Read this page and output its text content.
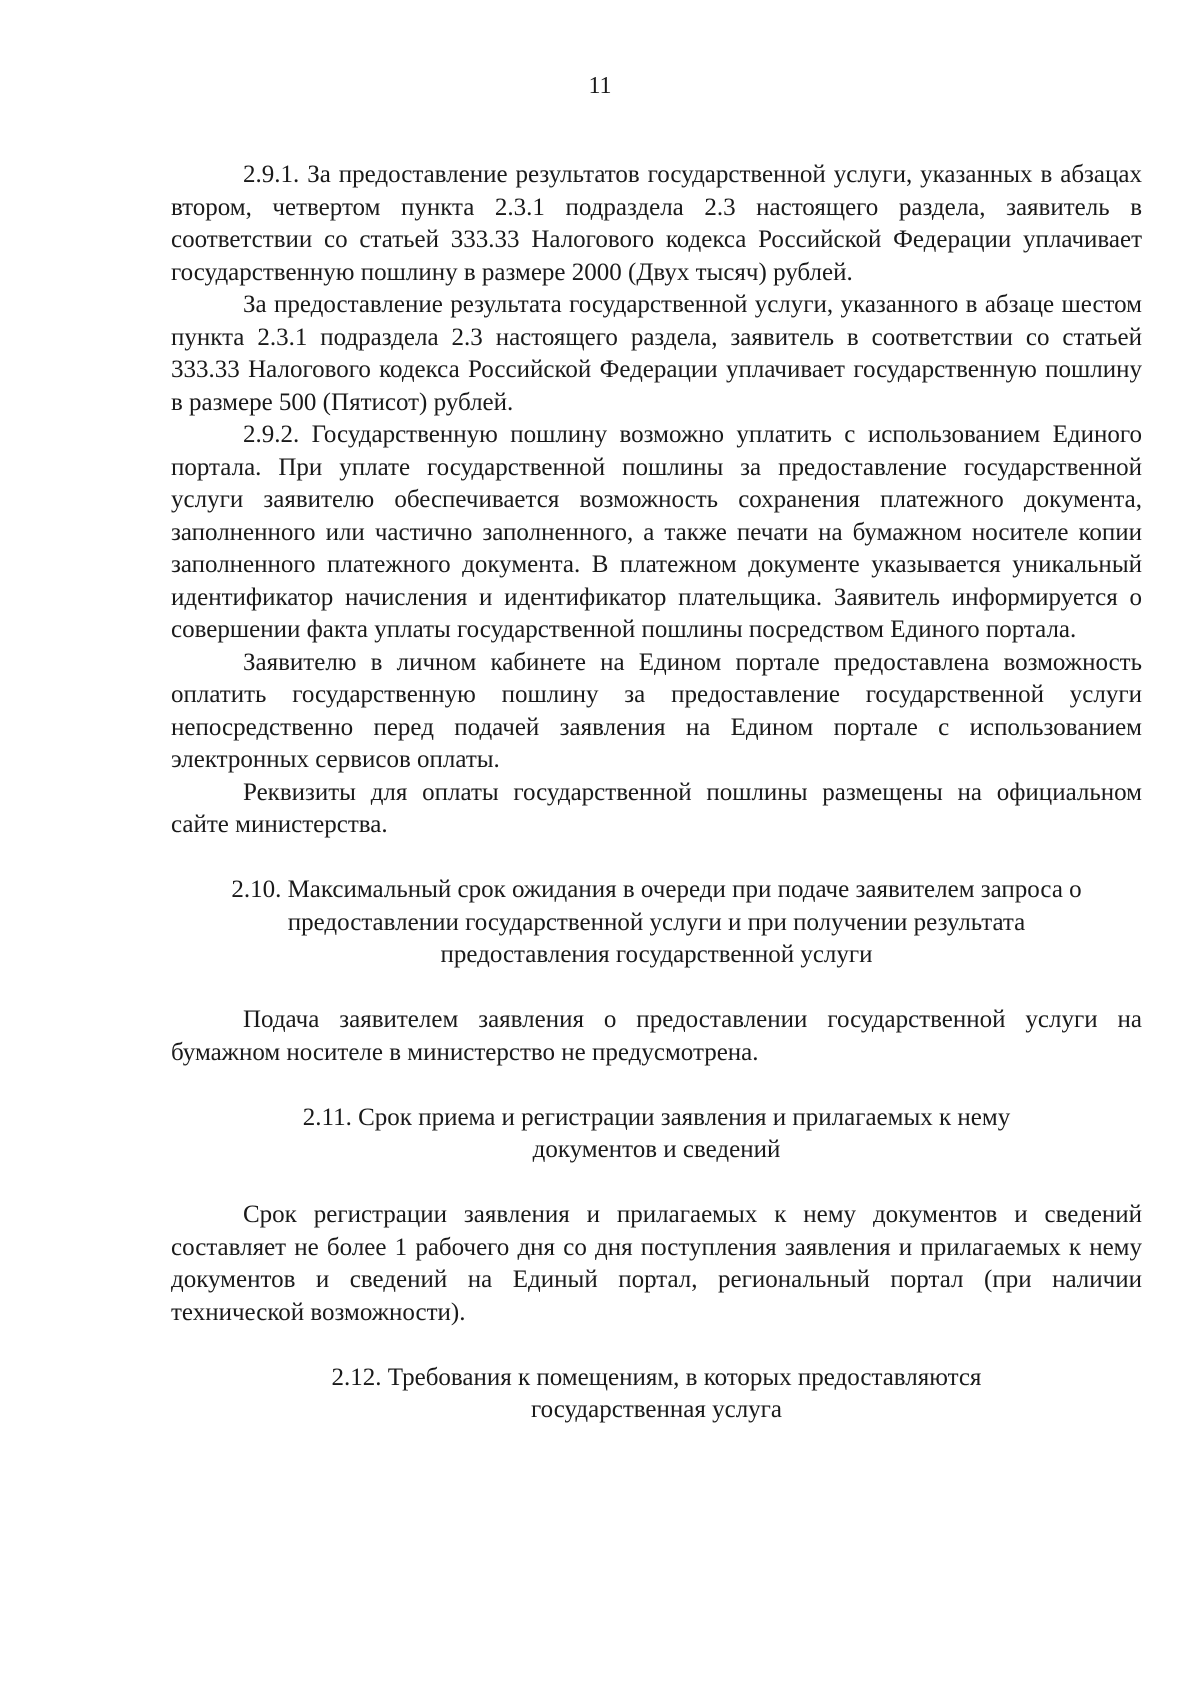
11

2.9.1. За предоставление результатов государственной услуги, указанных в абзацах втором, четвертом пункта 2.3.1 подраздела 2.3 настоящего раздела, заявитель в соответствии со статьей 333.33 Налогового кодекса Российской Федерации уплачивает государственную пошлину в размере 2000 (Двух тысяч) рублей.

За предоставление результата государственной услуги, указанного в абзаце шестом пункта 2.3.1 подраздела 2.3 настоящего раздела, заявитель в соответствии со статьей 333.33 Налогового кодекса Российской Федерации уплачивает государственную пошлину в размере 500 (Пятисот) рублей.

2.9.2. Государственную пошлину возможно уплатить с использованием Единого портала. При уплате государственной пошлины за предоставление государственной услуги заявителю обеспечивается возможность сохранения платежного документа, заполненного или частично заполненного, а также печати на бумажном носителе копии заполненного платежного документа. В платежном документе указывается уникальный идентификатор начисления и идентификатор плательщика. Заявитель информируется о совершении факта уплаты государственной пошлины посредством Единого портала.

Заявителю в личном кабинете на Едином портале предоставлена возможность оплатить государственную пошлину за предоставление государственной услуги непосредственно перед подачей заявления на Едином портале с использованием электронных сервисов оплаты.

Реквизиты для оплаты государственной пошлины размещены на официальном сайте министерства.

2.10. Максимальный срок ожидания в очереди при подаче заявителем запроса о
предоставлении государственной услуги и при получении результата
предоставления государственной услуги

Подача заявителем заявления о предоставлении государственной услуги на бумажном носителе в министерство не предусмотрена.

2.11. Срок приема и регистрации заявления и прилагаемых к нему
документов и сведений

Срок регистрации заявления и прилагаемых к нему документов и сведений составляет не более 1 рабочего дня со дня поступления заявления и прилагаемых к нему документов и сведений на Единый портал, региональный портал (при наличии технической возможности).

2.12. Требования к помещениям, в которых предоставляются
государственная услуга
